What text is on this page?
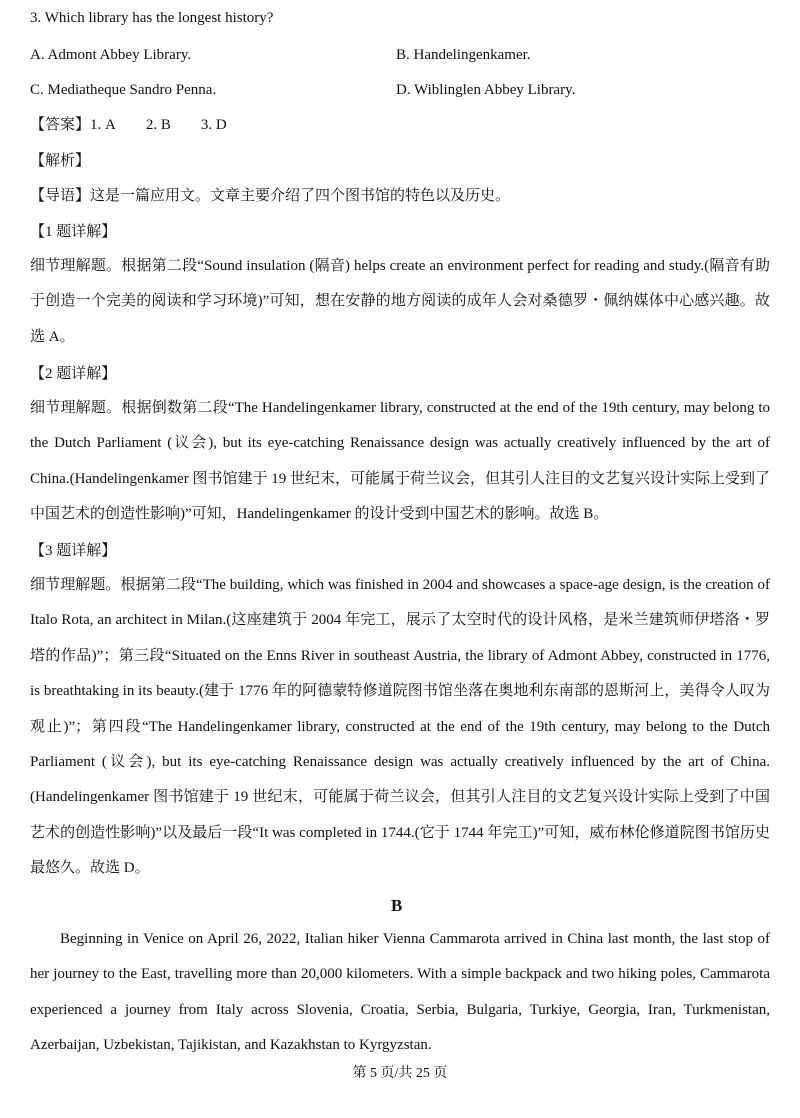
3. Which library has the longest history?
A. Admont Abbey Library.	B. Handelingenkamer.
C. Mediatheque Sandro Penna.	D. Wiblinglen Abbey Library.
【答案】1. A 2. B 3. D
【解析】
【导语】这是一篇应用文。文章主要介绍了四个图书馆的特色以及历史。
【1 题详解】
细节理解题。根据第二段“Sound insulation (隔音) helps create an environment perfect for reading and study.(隔音有助于创造一个完美的阅读和学习环境)”可知，想在安静的地方阅读的成年人会对桑德罗・佩纳媒体中心感兴趣。故选 A。
【2 题详解】
细节理解题。根据倒数第二段“The Handelingenkamer library, constructed at the end of the 19th century, may belong to the Dutch Parliament (议会), but its eye-catching Renaissance design was actually creatively influenced by the art of China.(Handelingenkamer 图书馆建于 19 世纪末，可能属于荷兰议会，但其引人注目的文艺复兴设计实际上受到了中国艺术的创造性影响)”可知，Handelingenkamer 的设计受到中国艺术的影响。故选 B。
【3 题详解】
细节理解题。根据第二段“The building, which was finished in 2004 and showcases a space-age design, is the creation of Italo Rota, an architect in Milan.(这座建筑于 2004 年完工，展示了太空时代的设计风格，是米兰建筑师伊塔洛・罗塔的作品)”；第三段“Situated on the Enns River in southeast Austria, the library of Admont Abbey, constructed in 1776, is breathtaking in its beauty.(建于 1776 年的阿德蒙特修道院图书馆坐落在奥地利东南部的恩斯河上，美得令人叹为观止)”；第四段“The Handelingenkamer library, constructed at the end of the 19th century, may belong to the Dutch Parliament (议会), but its eye-catching Renaissance design was actually creatively influenced by the art of China.(Handelingenkamer 图书馆建于 19 世纪末，可能属于荷兰议会，但其引人注目的文艺复兴设计实际上受到了中国艺术的创造性影响)”以及最后一段“It was completed in 1744.(它于 1744 年完工)”可知，威布林伦修道院图书馆历史最悠久。故选 D。
B
Beginning in Venice on April 26, 2022, Italian hiker Vienna Cammarota arrived in China last month, the last stop of her journey to the East, travelling more than 20,000 kilometers. With a simple backpack and two hiking poles, Cammarota experienced a journey from Italy across Slovenia, Croatia, Serbia, Bulgaria, Turkiye, Georgia, Iran, Turkmenistan, Azerbaijan, Uzbekistan, Tajikistan, and Kazakhstan to Kyrgyzstan.
第 5 页/共 25 页
